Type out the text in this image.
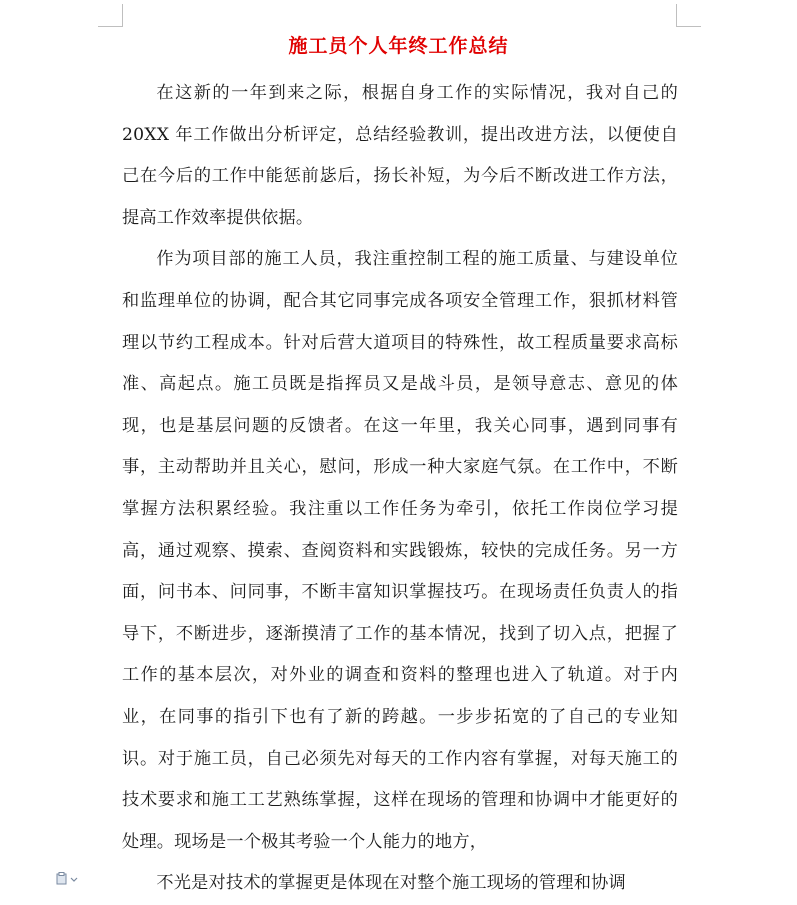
施工员个人年终工作总结

在这新的一年到来之际，根据自身工作的实际情况，我对自己的20XX 年工作做出分析评定，总结经验教训，提出改进方法，以便使自己在今后的工作中能惩前毖后，扬长补短，为今后不断改进工作方法，提高工作效率提供依据。

作为项目部的施工人员，我注重控制工程的施工质量、与建设单位和监理单位的协调，配合其它同事完成各项安全管理工作，狠抓材料管理以节约工程成本。针对后营大道项目的特殊性，故工程质量要求高标准、高起点。施工员既是指挥员又是战斗员，是领导意志、意见的体现，也是基层问题的反馈者。在这一年里，我关心同事，遇到同事有事，主动帮助并且关心，慰问，形成一种大家庭气氛。在工作中，不断掌握方法积累经验。我注重以工作任务为牵引，依托工作岗位学习提高，通过观察、摸索、查阅资料和实践锻炼，较快的完成任务。另一方面，问书本、问同事，不断丰富知识掌握技巧。在现场责任负责人的指导下，不断进步，逐渐摸清了工作的基本情况，找到了切入点，把握了工作的基本层次，对外业的调查和资料的整理也进入了轨道。对于内业，在同事的指引下也有了新的跨越。一步步拓宽的了自己的专业知识。对于施工员，自己必须先对每天的工作内容有掌握，对每天施工的技术要求和施工工艺熟练掌握，这样在现场的管理和协调中才能更好的处理。现场是一个极其考验一个人能力的地方，

不光是对技术的掌握更是体现在对整个施工现场的管理和协调
